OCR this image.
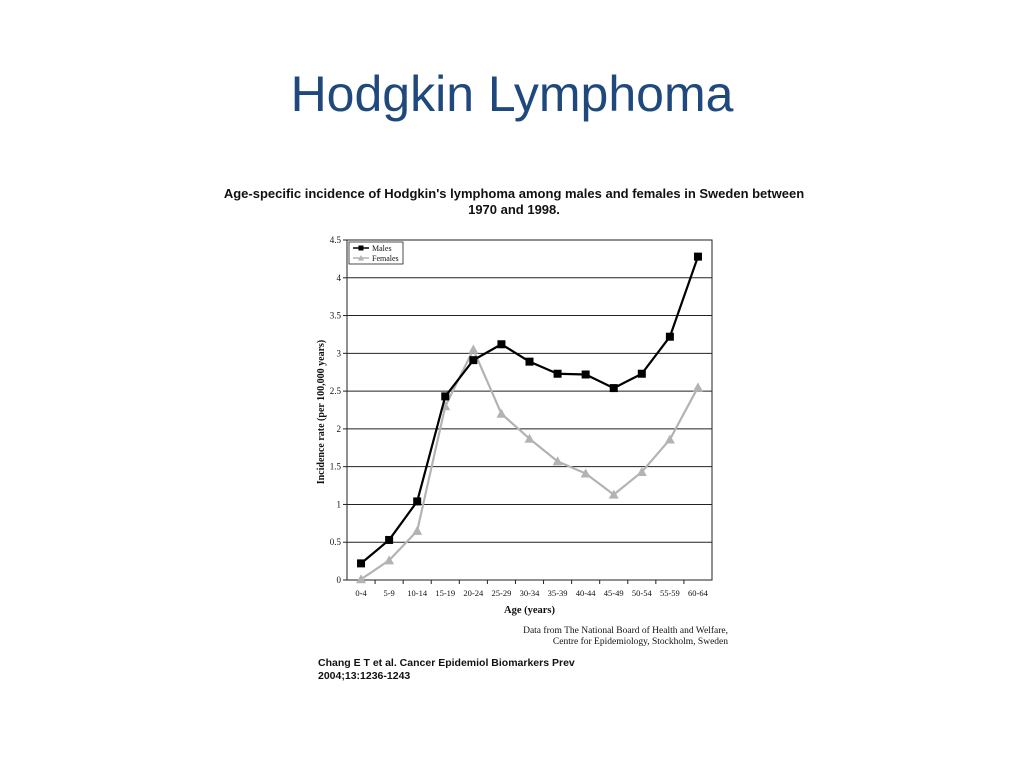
Hodgkin Lymphoma
Age-specific incidence of Hodgkin's lymphoma among males and females in Sweden between
1970 and 1998.
0
0.5
1
1.5
2
2.5
3
3.5
4
4.5
0-4 5-9 10-14 15-19 20-24 25-29 30-34 35-39 40-44 45-49 50-54 55-59 60-64
Age (years)
Incidence rate (per 100,000 years)
Males
Females
Data from The National Board of Health and Welfare,
Centre for Epidemiology, Stockholm, Sweden
Chang E T et al. Cancer Epidemiol Biomarkers Prev
2004;13:1236-1243
